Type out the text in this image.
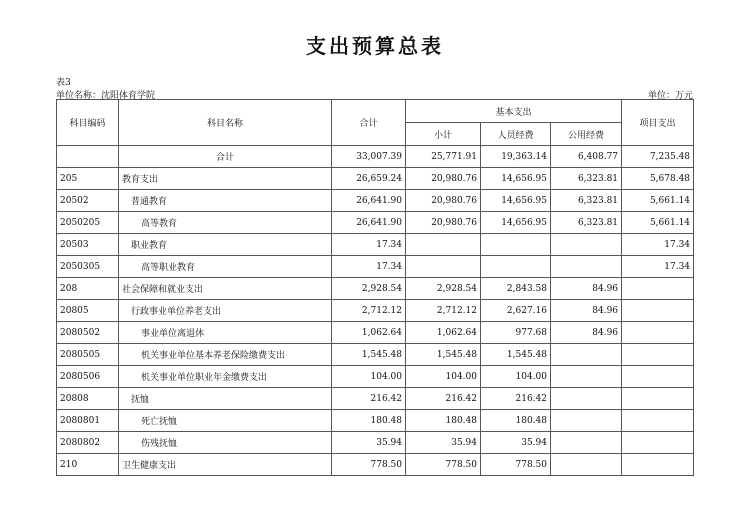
支出预算总表
表3
单位名称：沈阳体育学院	单位：万元
科目编码	科目名称	合计	基本支出			项目支出
			小计	人员经费	公用经费	
	合计	33,007.39	25,771.91	19,363.14	6,408.77	7,235.48
205	教育支出	26,659.24	20,980.76	14,656.95	6,323.81	5,678.48
20502	普通教育	26,641.90	20,980.76	14,656.95	6,323.81	5,661.14
2050205	高等教育	26,641.90	20,980.76	14,656.95	6,323.81	5,661.14
20503	职业教育	17.34				17.34
2050305	高等职业教育	17.34				17.34
208	社会保障和就业支出	2,928.54	2,928.54	2,843.58	84.96	
20805	行政事业单位养老支出	2,712.12	2,712.12	2,627.16	84.96	
2080502	事业单位离退休	1,062.64	1,062.64	977.68	84.96	
2080505	机关事业单位基本养老保险缴费支出	1,545.48	1,545.48	1,545.48		
2080506	机关事业单位职业年金缴费支出	104.00	104.00	104.00		
20808	抚恤	216.42	216.42	216.42		
2080801	死亡抚恤	180.48	180.48	180.48		
2080802	伤残抚恤	35.94	35.94	35.94		
210	卫生健康支出	778.50	778.50	778.50		
